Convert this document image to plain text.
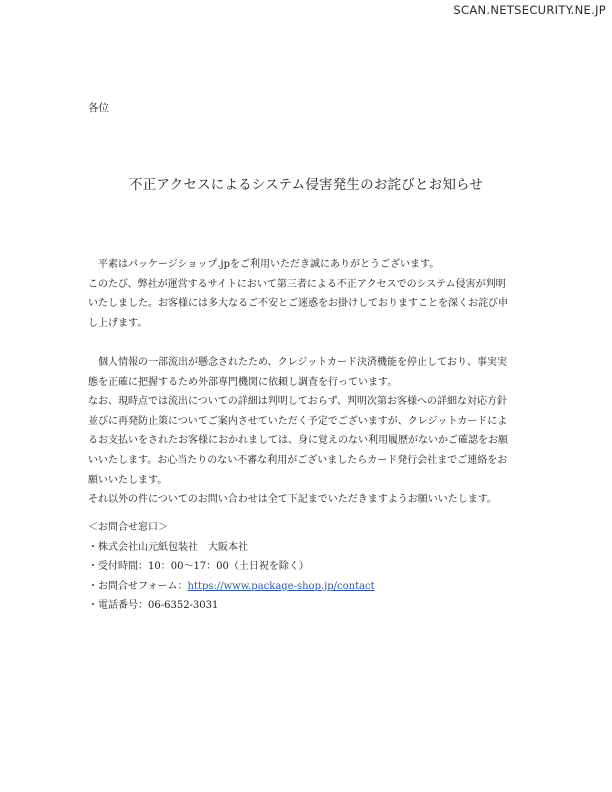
SCAN.NETSECURITY.NE.JP
各位
不正アクセスによるシステム侵害発生のお詫びとお知らせ

　平素はパッケージショップ.jpをご利用いただき誠にありがとうございます。

このたび、弊社が運営するサイトにおいて第三者による不正アクセスでのシステム侵害が判明

いたしました。お客様には多大なるご不安とご迷惑をお掛けしておりますことを深くお詫び申

し上げます。

　個人情報の一部流出が懸念されたため、クレジットカード決済機能を停止しており、事実実

態を正確に把握するため外部専門機関に依頼し調査を行っています。

なお、現時点では流出についての詳細は判明しておらず、判明次第お客様への詳細な対応方針

並びに再発防止策についてご案内させていただく予定でございますが、クレジットカードによ

るお支払いをされたお客様におかれましては、身に覚えのない利用履歴がないかご確認をお願

いいたします。お心当たりのない不審な利用がございましたらカード発行会社までご連絡をお

願いいたします。

それ以外の件についてのお問い合わせは全て下記までいただきますようお願いいたします。

＜お問合せ窓口＞

・株式会社山元紙包装社　大阪本社

・受付時間：10：00〜17：00（土日祝を除く）

・お問合せフォーム：https://www.package-shop.jp/contact

・電話番号：06-6352-3031
